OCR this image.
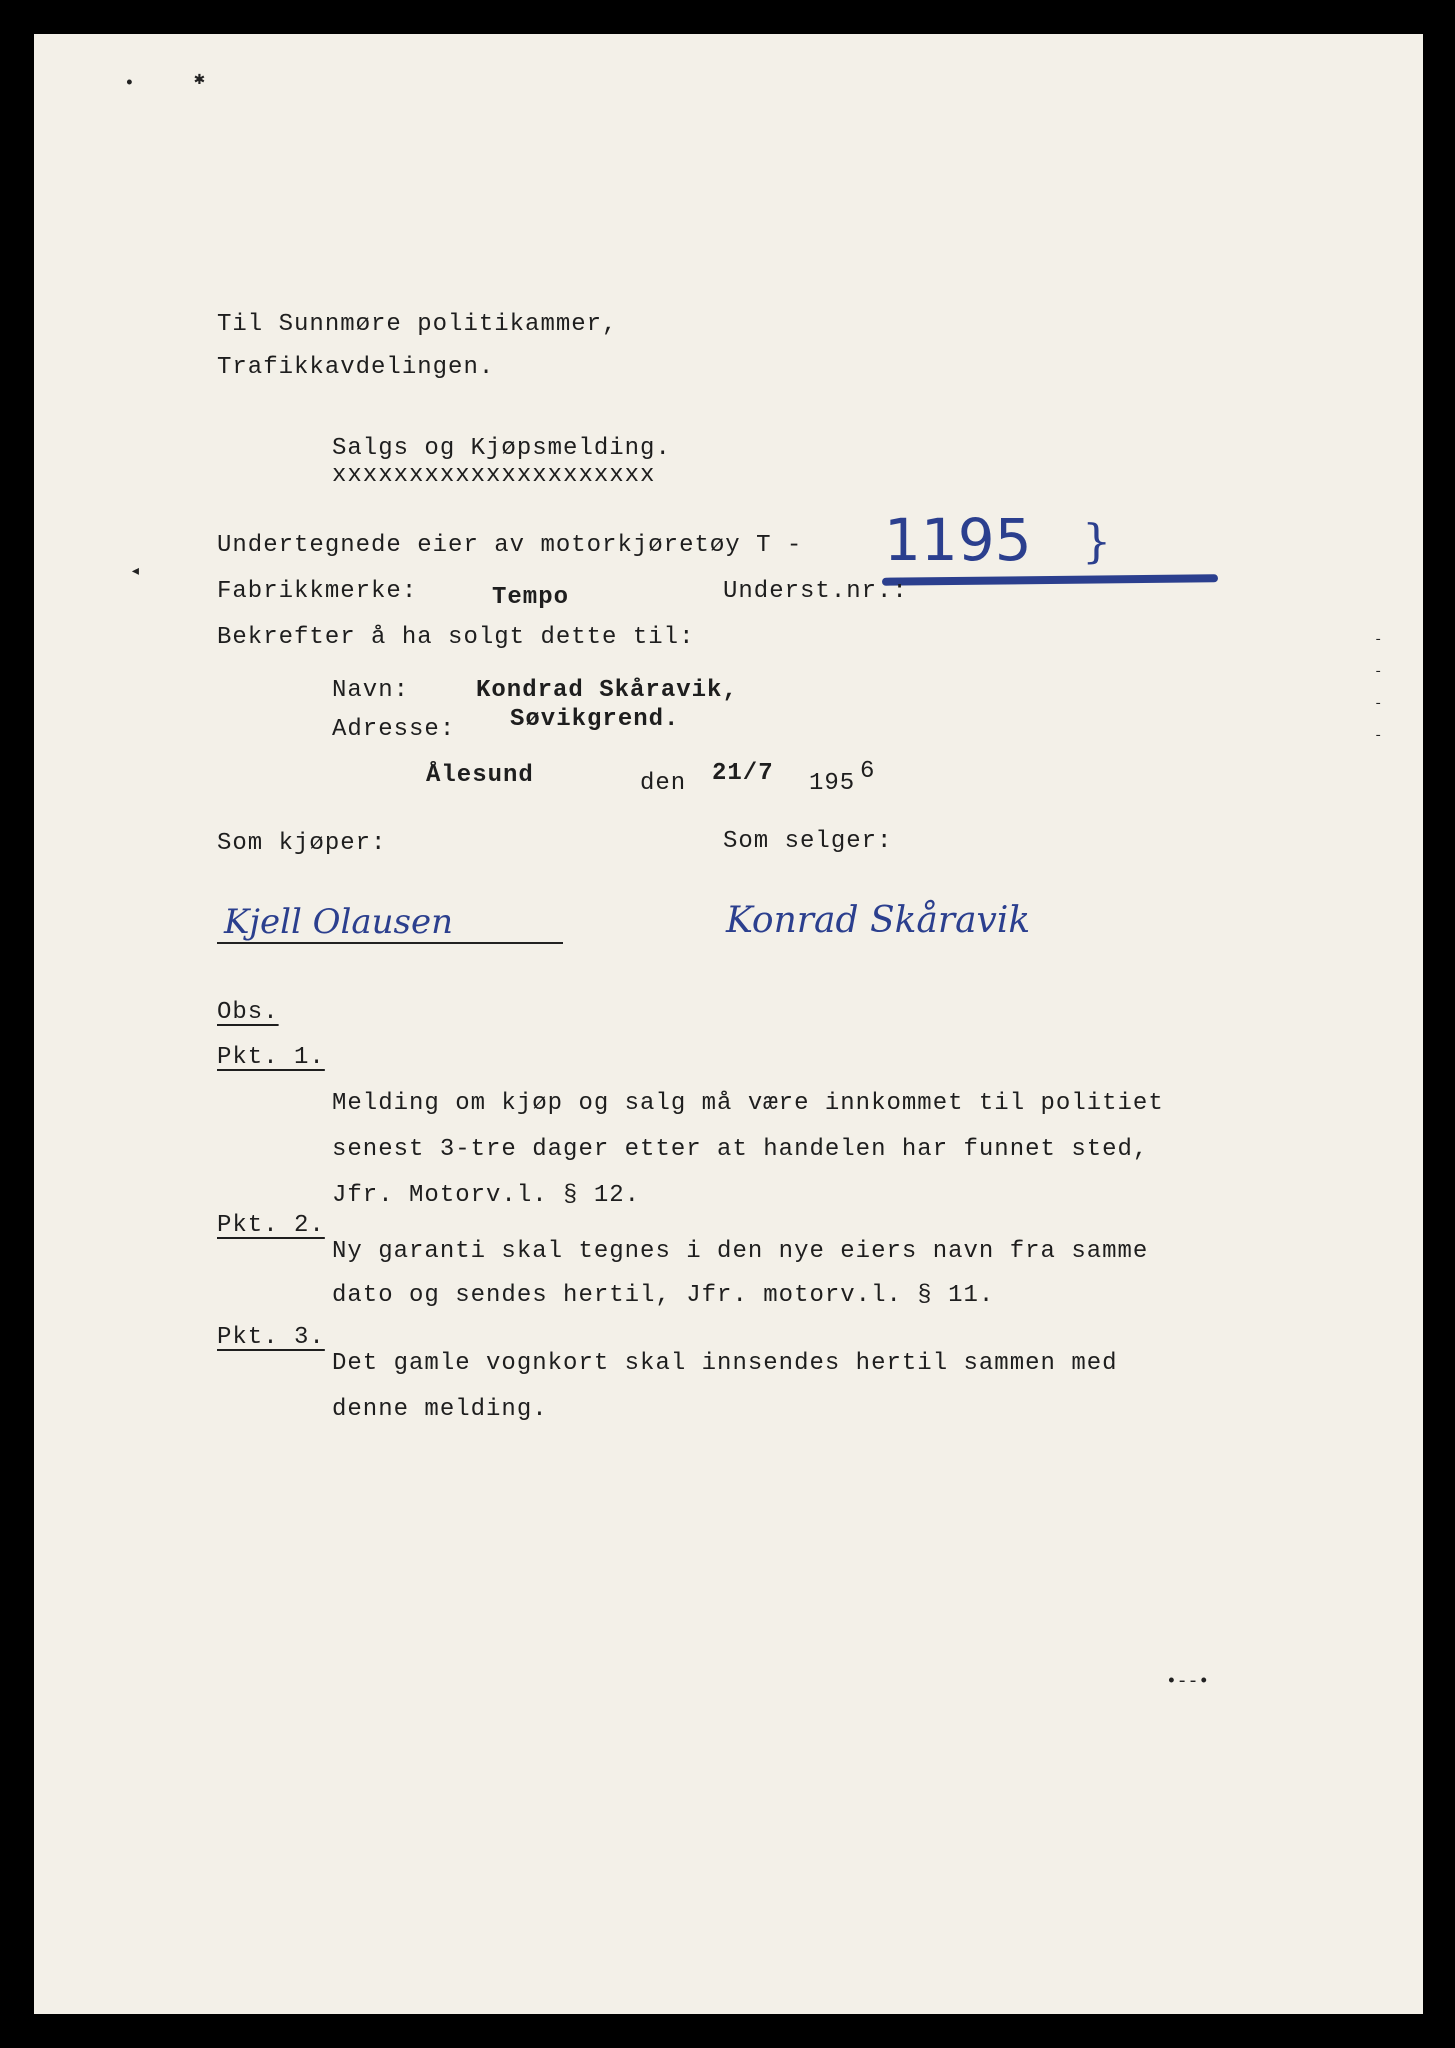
•	✱
◂
-
-
-
-
•‑‑•
Til Sunnmøre politikammer,
Trafikkavdelingen.
Salgs og Kjøpsmelding.
xxxxxxxxxxxxxxxxxxxxx
Undertegnede eier av motorkjøretøy T - 1195 }
Fabrikkmerke:	Tempo	Underst.nr.:
Bekrefter å ha solgt dette til:
Navn:	Kondrad Skåravik,
Adresse: Søvikgrend.
Ålesund	den 21/7 195 6
Som kjøper:	Som selger:
Kjell Olausen	Konrad Skåravik
Obs.
Pkt. 1.
Melding om kjøp og salg må være innkommet til politiet
senest 3-tre dager etter at handelen har funnet sted,
Jfr. Motorv.l. § 12.
Pkt. 2.
Ny garanti skal tegnes i den nye eiers navn fra samme
dato og sendes hertil, Jfr. motorv.l. § 11.
Pkt. 3.
Det gamle vognkort skal innsendes hertil sammen med
denne melding.
